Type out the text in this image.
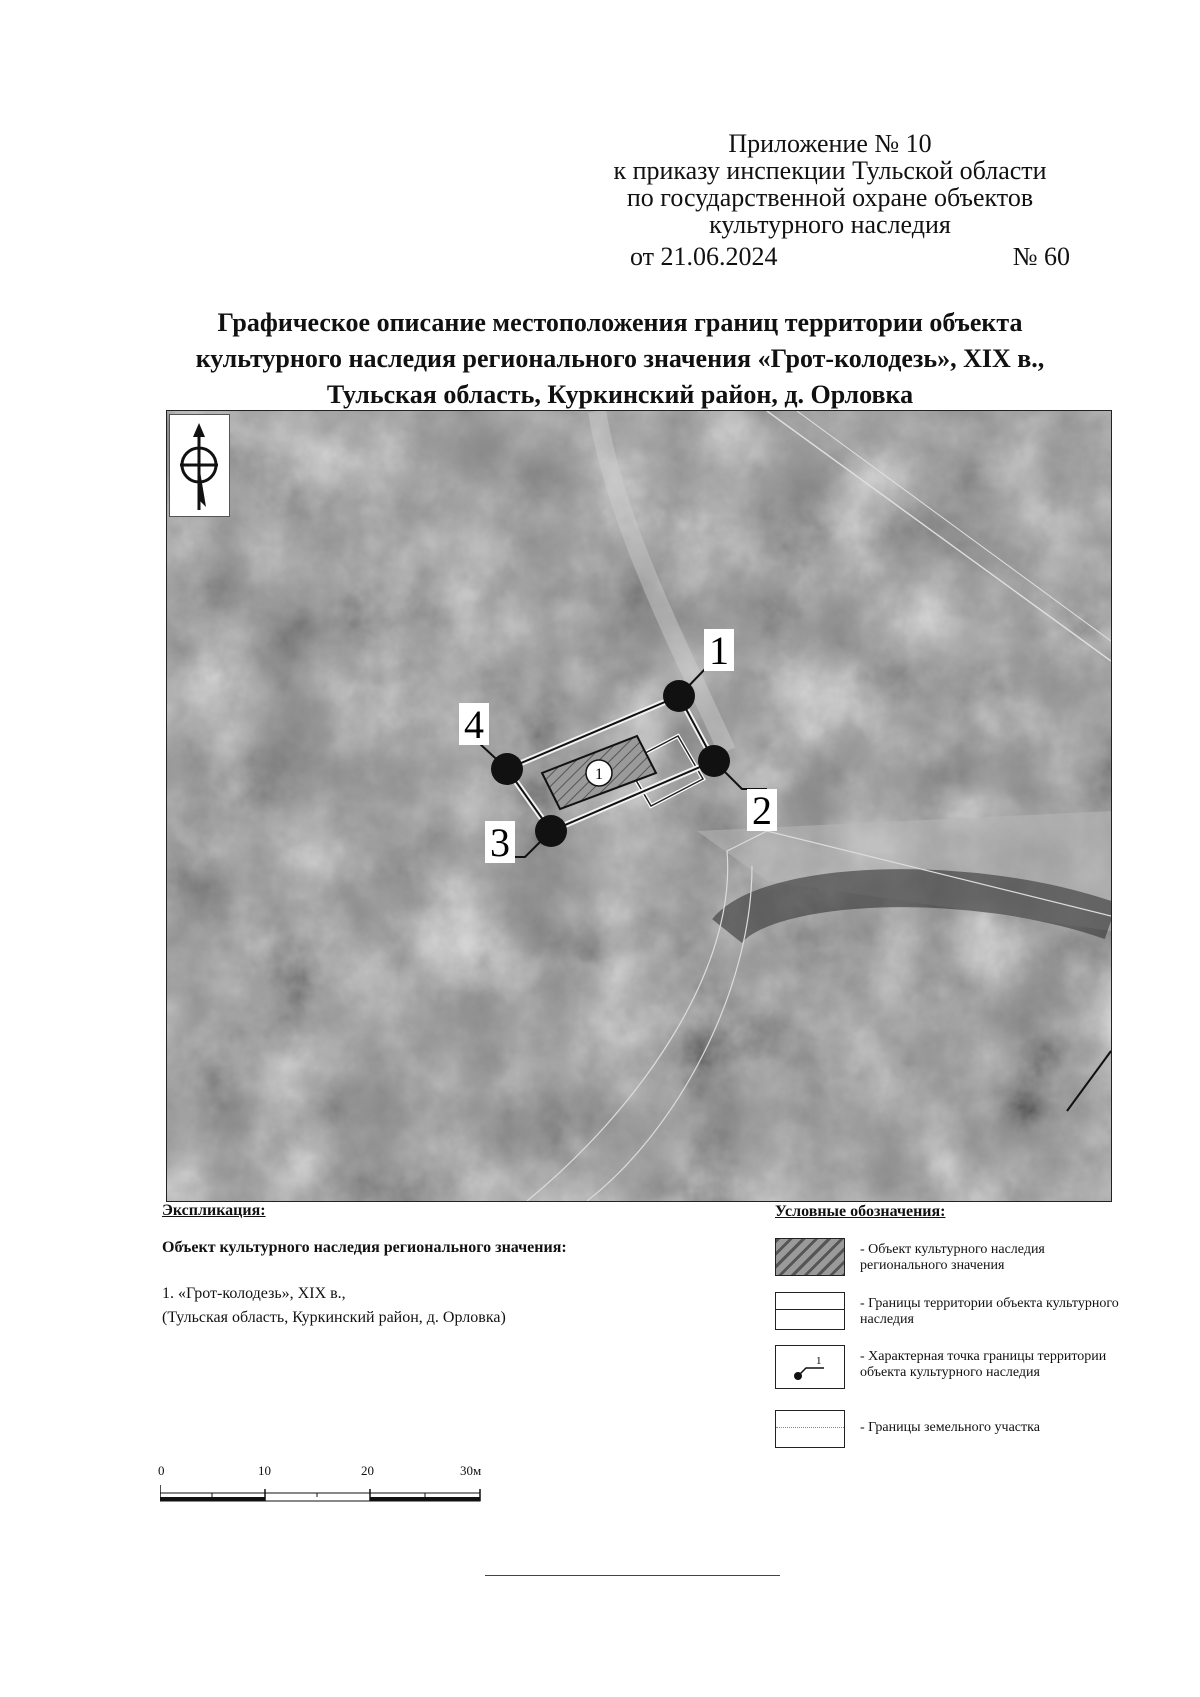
Приложение № 10
к приказу инспекции Тульской области
по государственной охране объектов
культурного наследия
от 21.06.2024	№ 60
Графическое описание местоположения границ территории объекта
культурного наследия регионального значения «Грот-колодезь», XIX в.,
Тульская область, Куркинский район, д. Орловка
1
1
2
3
4
Экспликация:
Объект культурного наследия регионального значения:
1. «Грот-колодезь», XIX в.,
(Тульская область, Куркинский район, д. Орловка)
Условные обозначения:
- Объект культурного наследия регионального значения
- Границы территории объекта культурного наследия
1	- Характерная точка границы территории объекта культурного наследия
- Границы земельного участка
0	10	20	30м
